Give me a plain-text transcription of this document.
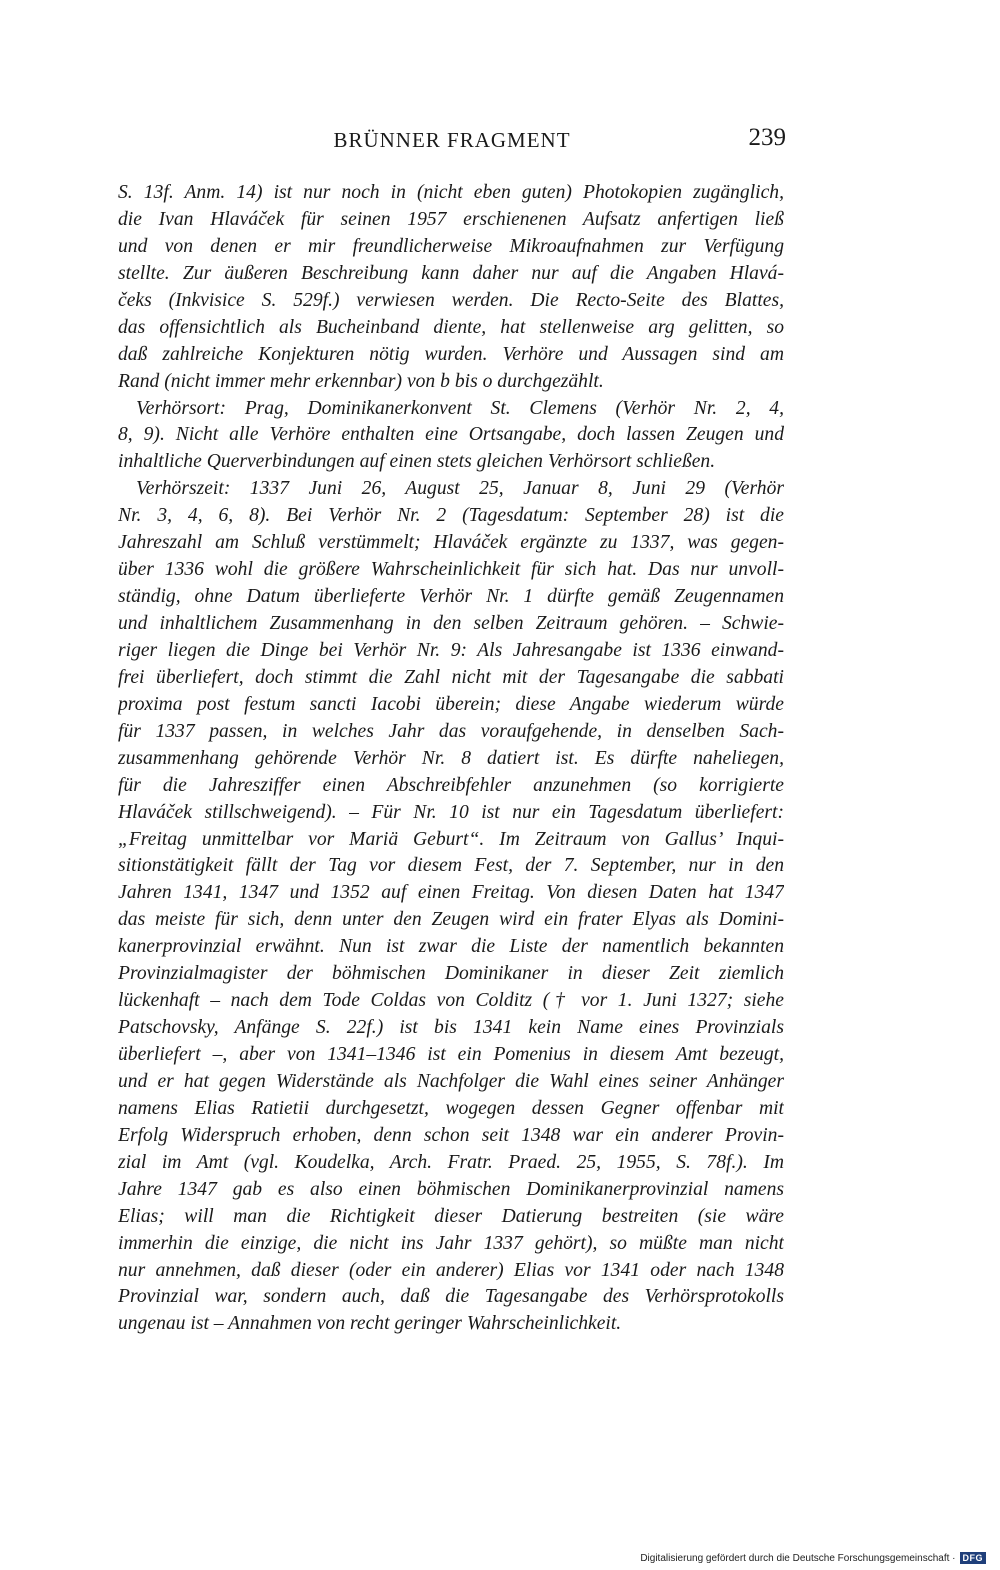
BRÜNNER FRAGMENT	239
S. 13f. Anm. 14) ist nur noch in (nicht eben guten) Photokopien zugänglich,
die Ivan Hlaváček für seinen 1957 erschienenen Aufsatz anfertigen ließ
und von denen er mir freundlicherweise Mikroaufnahmen zur Verfügung
stellte. Zur äußeren Beschreibung kann daher nur auf die Angaben Hlavá-
čeks (Inkvisice S. 529f.) verwiesen werden. Die Recto-Seite des Blattes,
das offensichtlich als Bucheinband diente, hat stellenweise arg gelitten, so
daß zahlreiche Konjekturen nötig wurden. Verhöre und Aussagen sind am
Rand (nicht immer mehr erkennbar) von b bis o durchgezählt.
Verhörsort: Prag, Dominikanerkonvent St. Clemens (Verhör Nr. 2, 4,
8, 9). Nicht alle Verhöre enthalten eine Ortsangabe, doch lassen Zeugen und
inhaltliche Querverbindungen auf einen stets gleichen Verhörsort schließen.
Verhörszeit: 1337 Juni 26, August 25, Januar 8, Juni 29 (Verhör
Nr. 3, 4, 6, 8). Bei Verhör Nr. 2 (Tagesdatum: September 28) ist die
Jahreszahl am Schluß verstümmelt; Hlaváček ergänzte zu 1337, was gegen-
über 1336 wohl die größere Wahrscheinlichkeit für sich hat. Das nur unvoll-
ständig, ohne Datum überlieferte Verhör Nr. 1 dürfte gemäß Zeugennamen
und inhaltlichem Zusammenhang in den selben Zeitraum gehören. – Schwie-
riger liegen die Dinge bei Verhör Nr. 9: Als Jahresangabe ist 1336 einwand-
frei überliefert, doch stimmt die Zahl nicht mit der Tagesangabe die sabbati
proxima post festum sancti Iacobi überein; diese Angabe wiederum würde
für 1337 passen, in welches Jahr das voraufgehende, in denselben Sach-
zusammenhang gehörende Verhör Nr. 8 datiert ist. Es dürfte naheliegen,
für die Jahresziffer einen Abschreibfehler anzunehmen (so korrigierte
Hlaváček stillschweigend). – Für Nr. 10 ist nur ein Tagesdatum überliefert:
„Freitag unmittelbar vor Mariä Geburt“. Im Zeitraum von Gallus’ Inqui-
sitionstätigkeit fällt der Tag vor diesem Fest, der 7. September, nur in den
Jahren 1341, 1347 und 1352 auf einen Freitag. Von diesen Daten hat 1347
das meiste für sich, denn unter den Zeugen wird ein frater Elyas als Domini-
kanerprovinzial erwähnt. Nun ist zwar die Liste der namentlich bekannten
Provinzialmagister der böhmischen Dominikaner in dieser Zeit ziemlich
lückenhaft – nach dem Tode Coldas von Colditz († vor 1. Juni 1327; siehe
Patschovsky, Anfänge S. 22f.) ist bis 1341 kein Name eines Provinzials
überliefert –, aber von 1341–1346 ist ein Pomenius in diesem Amt bezeugt,
und er hat gegen Widerstände als Nachfolger die Wahl eines seiner Anhänger
namens Elias Ratietii durchgesetzt, wogegen dessen Gegner offenbar mit
Erfolg Widerspruch erhoben, denn schon seit 1348 war ein anderer Provin-
zial im Amt (vgl. Koudelka, Arch. Fratr. Praed. 25, 1955, S. 78f.). Im
Jahre 1347 gab es also einen böhmischen Dominikanerprovinzial namens
Elias; will man die Richtigkeit dieser Datierung bestreiten (sie wäre
immerhin die einzige, die nicht ins Jahr 1337 gehört), so müßte man nicht
nur annehmen, daß dieser (oder ein anderer) Elias vor 1341 oder nach 1348
Provinzial war, sondern auch, daß die Tagesangabe des Verhörsprotokolls
ungenau ist – Annahmen von recht geringer Wahrscheinlichkeit.
Digitalisierung gefördert durch die Deutsche Forschungsgemeinschaft · DFG
